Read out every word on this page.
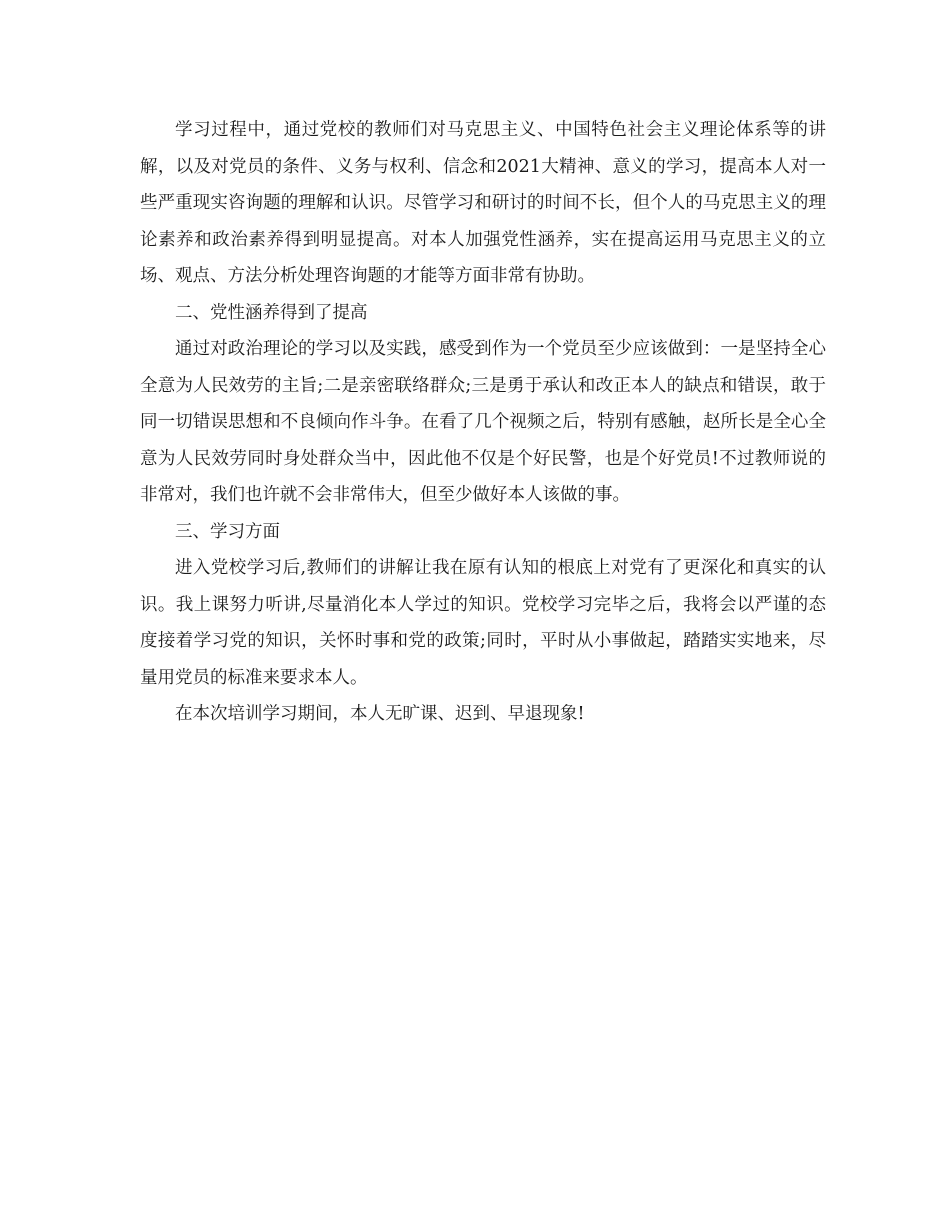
学习过程中，通过党校的教师们对马克思主义、中国特色社会主义理论体系等的讲解，以及对党员的条件、义务与权利、信念和2021大精神、意义的学习，提高本人对一些严重现实咨询题的理解和认识。尽管学习和研讨的时间不长，但个人的马克思主义的理论素养和政治素养得到明显提高。对本人加强党性涵养，实在提高运用马克思主义的立场、观点、方法分析处理咨询题的才能等方面非常有协助。

二、党性涵养得到了提高

通过对政治理论的学习以及实践，感受到作为一个党员至少应该做到：一是坚持全心全意为人民效劳的主旨;二是亲密联络群众;三是勇于承认和改正本人的缺点和错误，敢于同一切错误思想和不良倾向作斗争。在看了几个视频之后，特别有感触，赵所长是全心全意为人民效劳同时身处群众当中，因此他不仅是个好民警，也是个好党员!不过教师说的非常对，我们也许就不会非常伟大，但至少做好本人该做的事。

三、学习方面

进入党校学习后,教师们的讲解让我在原有认知的根底上对党有了更深化和真实的认识。我上课努力听讲,尽量消化本人学过的知识。党校学习完毕之后，我将会以严谨的态度接着学习党的知识，关怀时事和党的政策;同时，平时从小事做起，踏踏实实地来，尽量用党员的标准来要求本人。

在本次培训学习期间，本人无旷课、迟到、早退现象!
